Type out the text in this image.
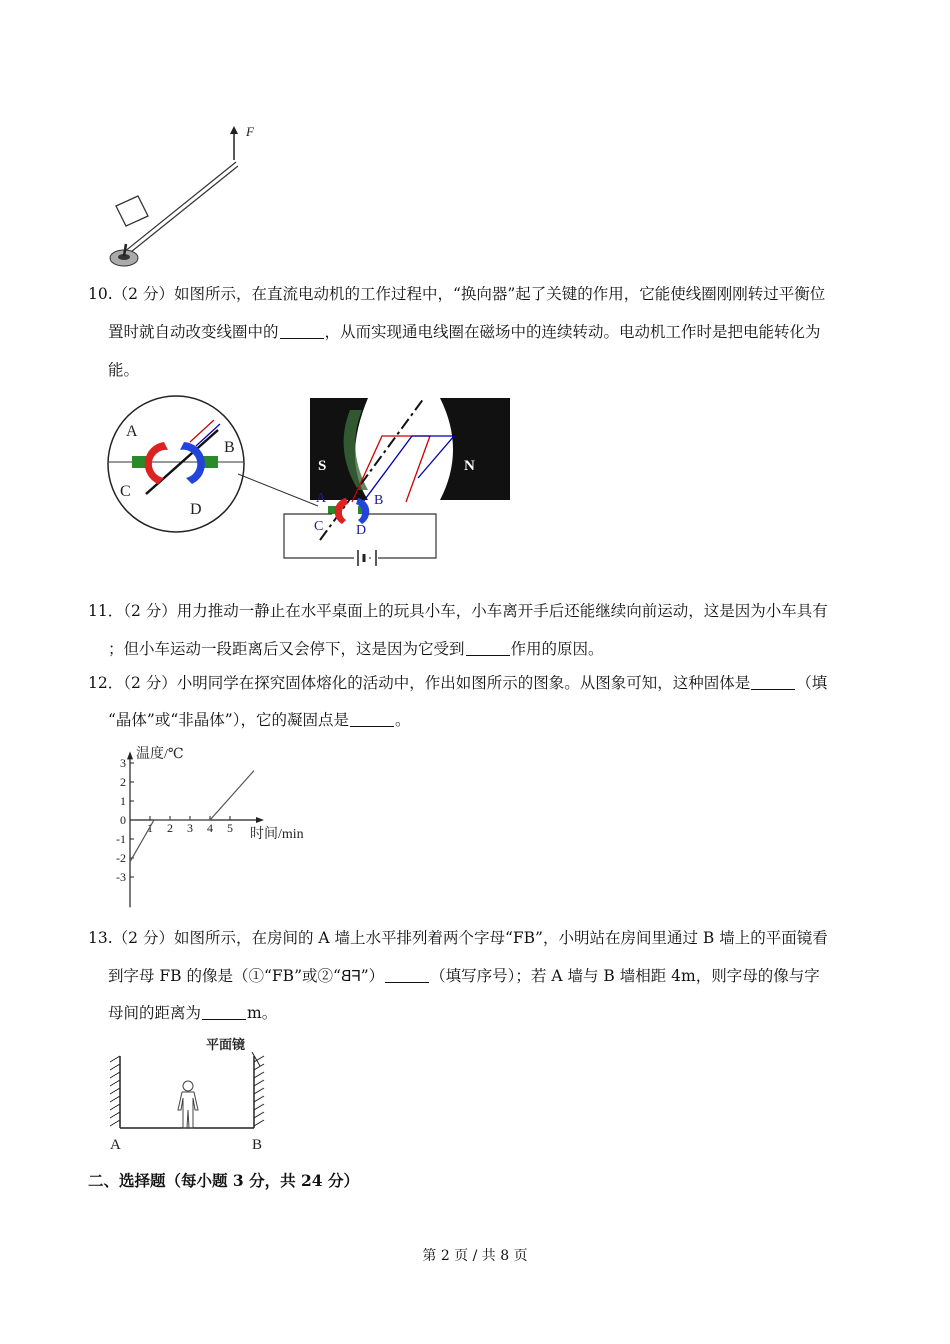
F
10.（2 分）如图所示，在直流电动机的工作过程中，“换向器”起了关键的作用，它能使线圈刚刚转过平衡位
置时就自动改变线圈中的	，从而实现通电线圈在磁场中的连续转动。电动机工作时是把电能转化为
能。
A
B
C
D
S	N
A	B
C D
11．（2 分）用力推动一静止在水平桌面上的玩具小车，小车离开手后还能继续向前运动，这是因为小车具有
；但小车运动一段距离后又会停下，这是因为它受到	作用的原因。
12．（2 分）小明同学在探究固体熔化的活动中，作出如图所示的图象。从图象可知，这种固体是	（填
“晶体”或“非晶体”），它的凝固点是	。
3
2
1
0
-1
-2
-3
1 2 3 4 5
温度/℃
时间/min
13.（2 分）如图所示，在房间的 A 墙上水平排列着两个字母“FB”，小明站在房间里通过 B 墙上的平面镜看
到字母 FB 的像是（①“FB”或②“FB”）	（填写序号）；若 A 墙与 B 墙相距 4m，则字母的像与字
母间的距离为	m。
平面镜
A	B
二、选择题（每小题 3 分，共 24 分）
第 2 页 / 共 8 页
